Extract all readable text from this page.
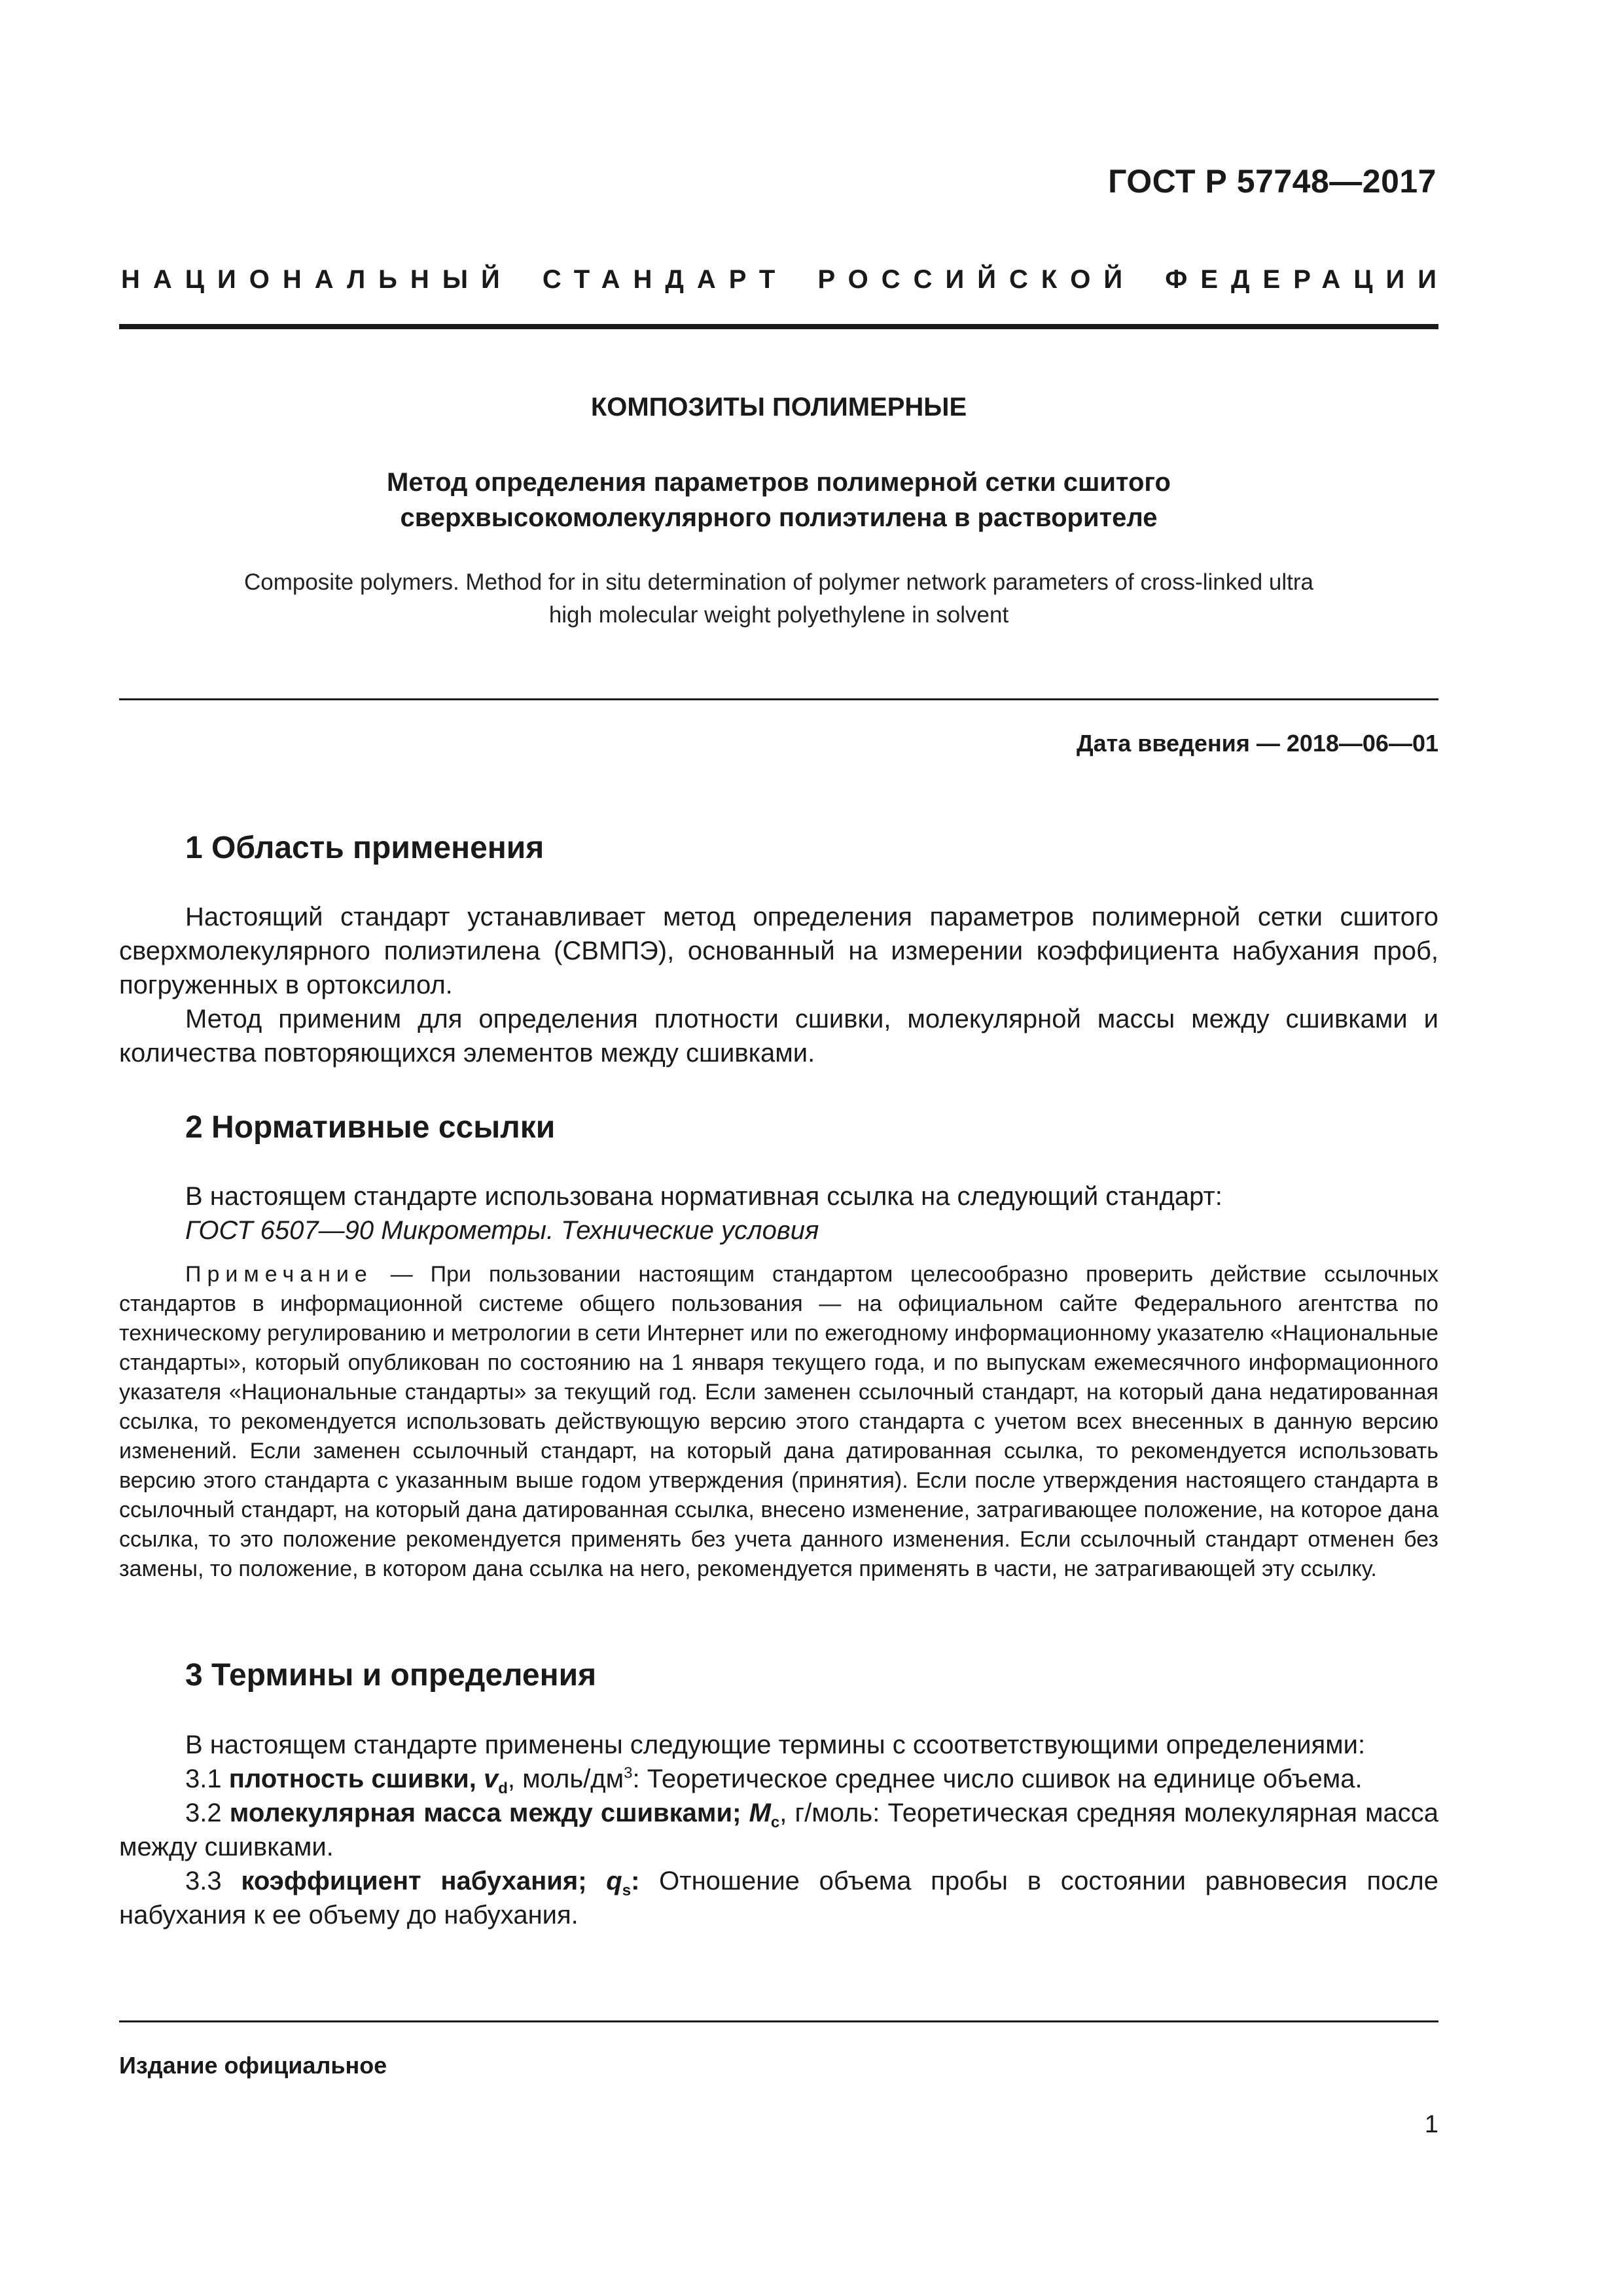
ГОСТ Р 57748—2017
НАЦИОНАЛЬНЫЙ СТАНДАРТ РОССИЙСКОЙ ФЕДЕРАЦИИ
КОМПОЗИТЫ ПОЛИМЕРНЫЕ
Метод определения параметров полимерной сетки сшитого
сверхвысокомолекулярного полиэтилена в растворителе
Composite polymers. Method for in situ determination of polymer network parameters of cross-linked ultra
high molecular weight polyethylene in solvent
Дата введения — 2018—06—01
1 Область применения
Настоящий стандарт устанавливает метод определения параметров полимерной сетки сшитого сверхмолекулярного полиэтилена (СВМПЭ), основанный на измерении коэффициента набухания проб, погруженных в ортоксилол.
Метод применим для определения плотности сшивки, молекулярной массы между сшивками и количества повторяющихся элементов между сшивками.
2 Нормативные ссылки
В настоящем стандарте использована нормативная ссылка на следующий стандарт:
ГОСТ 6507—90 Микрометры. Технические условия
Примечание — При пользовании настоящим стандартом целесообразно проверить действие ссылочных стандартов в информационной системе общего пользования — на официальном сайте Федерального агентства по техническому регулированию и метрологии в сети Интернет или по ежегодному информационному указателю «Национальные стандарты», который опубликован по состоянию на 1 января текущего года, и по выпускам ежемесячного информационного указателя «Национальные стандарты» за текущий год. Если заменен ссылочный стандарт, на который дана недатированная ссылка, то рекомендуется использовать действующую версию этого стандарта с учетом всех внесенных в данную версию изменений. Если заменен ссылочный стандарт, на который дана датированная ссылка, то рекомендуется использовать версию этого стандарта с указанным выше годом утверждения (принятия). Если после утверждения настоящего стандарта в ссылочный стандарт, на который дана датированная ссылка, внесено изменение, затрагивающее положение, на которое дана ссылка, то это положение рекомендуется применять без учета данного изменения. Если ссылочный стандарт отменен без замены, то положение, в котором дана ссылка на него, рекомендуется применять в части, не затрагивающей эту ссылку.
3 Термины и определения
В настоящем стандарте применены следующие термины с ссоответствующими определениями:
3.1 плотность сшивки, $v_d$, моль/$дм^3$: Теоретическое среднее число сшивок на единице объема.
3.2 молекулярная масса между сшивками; $M_c$, г/моль: Теоретическая средняя молекулярная масса между сшивками.
3.3 коэффициент набухания; $q_s$: Отношение объема пробы в состоянии равновесия после набухания к ее объему до набухания.
Издание официальное
1
